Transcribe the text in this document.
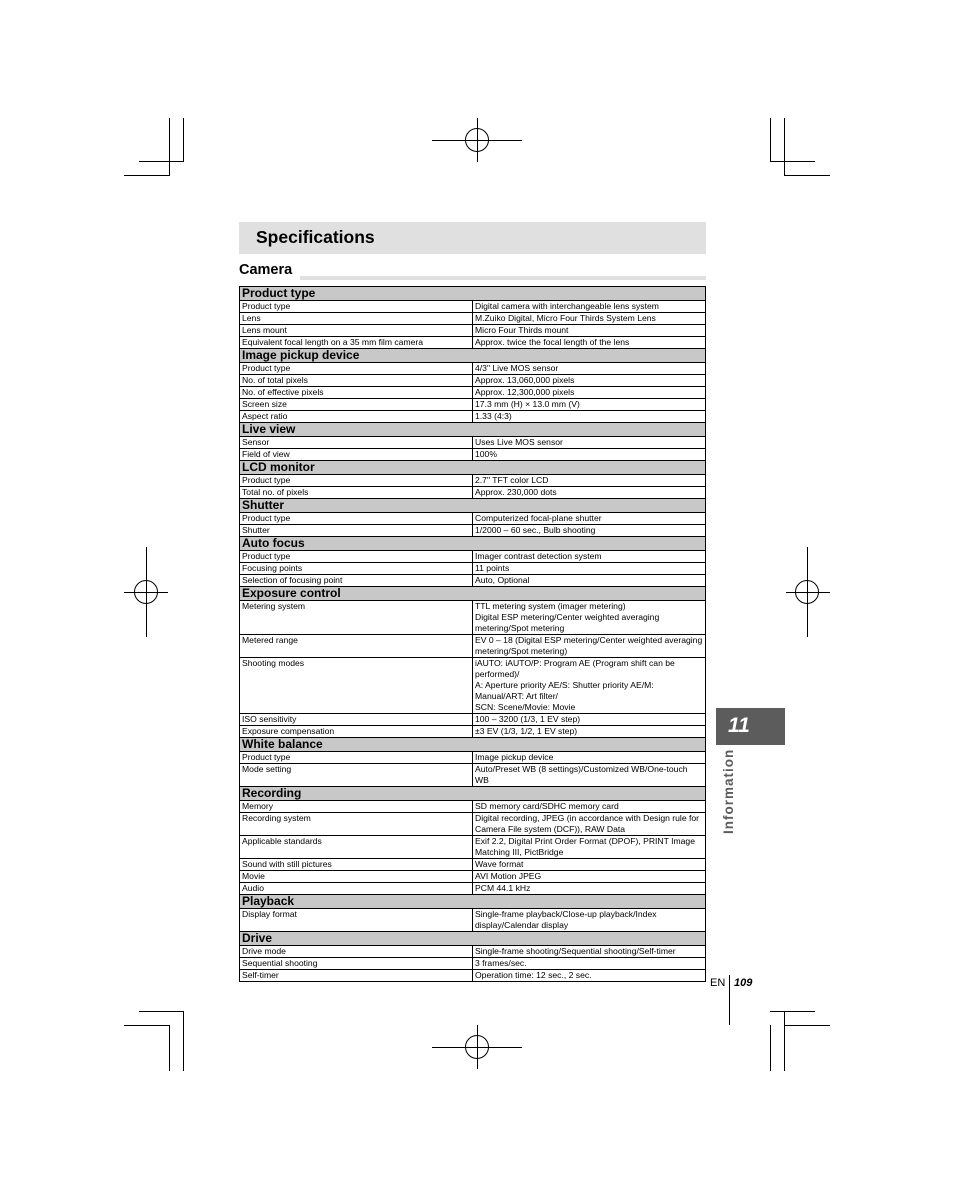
Specifications
Camera
Product type	
Product type	Digital camera with interchangeable lens system
Lens	M.Zuiko Digital, Micro Four Thirds System Lens
Lens mount	Micro Four Thirds mount
Equivalent focal length on a 35 mm film camera	Approx. twice the focal length of the lens
Image pickup device	
Product type	4/3" Live MOS sensor
No. of total pixels	Approx. 13,060,000 pixels
No. of effective pixels	Approx. 12,300,000 pixels
Screen size	17.3 mm (H) × 13.0 mm (V)
Aspect ratio	1.33 (4:3)
Live view	
Sensor	Uses Live MOS sensor
Field of view	100%
LCD monitor	
Product type	2.7" TFT color LCD
Total no. of pixels	Approx. 230,000 dots
Shutter	
Product type	Computerized focal-plane shutter
Shutter	1/2000 – 60 sec., Bulb shooting
Auto focus	
Product type	Imager contrast detection system
Focusing points	11 points
Selection of focusing point	Auto, Optional
Exposure control	
Metering system	TTL metering system (imager metering)
Digital ESP metering/Center weighted averaging metering/Spot metering
Metered range	EV 0 – 18 (Digital ESP metering/Center weighted averaging metering/Spot metering)
Shooting modes	iAUTO: iAUTO/P: Program AE (Program shift can be performed)/
A: Aperture priority AE/S: Shutter priority AE/M: Manual/ART: Art filter/
SCN: Scene/Movie: Movie
ISO sensitivity	100 – 3200 (1/3, 1 EV step)
Exposure compensation	±3 EV (1/3, 1/2, 1 EV step)
White balance	
Product type	Image pickup device
Mode setting	Auto/Preset WB (8 settings)/Customized WB/One-touch WB
Recording	
Memory	SD memory card/SDHC memory card
Recording system	Digital recording, JPEG (in accordance with Design rule for Camera File system (DCF)), RAW Data
Applicable standards	Exif 2.2, Digital Print Order Format (DPOF), PRINT Image Matching III, PictBridge
Sound with still pictures	Wave format
Movie	AVI Motion JPEG
Audio	PCM 44.1 kHz
Playback	
Display format	Single-frame playback/Close-up playback/Index display/Calendar display
Drive	
Drive mode	Single-frame shooting/Sequential shooting/Self-timer
Sequential shooting	3 frames/sec.
Self-timer	Operation time: 12 sec., 2 sec.
11
Information
EN 109
